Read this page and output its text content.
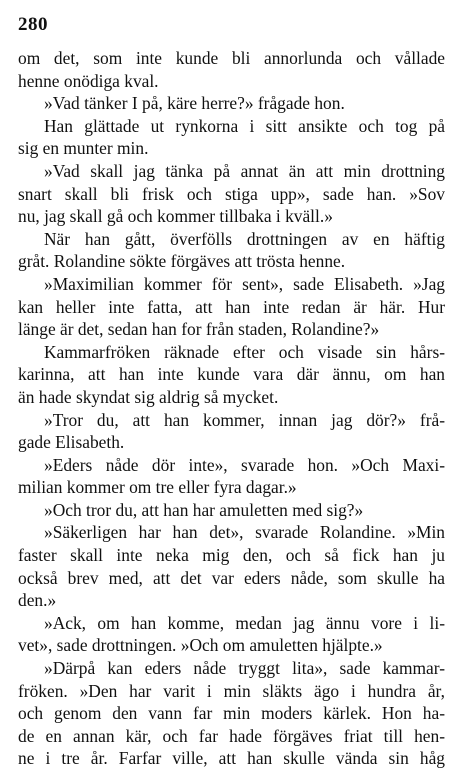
280
om det, som inte kunde bli annorlunda och vållade
henne onödiga kval.
»Vad tänker I på, käre herre?» frågade hon.
Han glättade ut rynkorna i sitt ansikte och tog på
sig en munter min.
»Vad skall jag tänka på annat än att min drottning
snart skall bli frisk och stiga upp», sade han. »Sov
nu, jag skall gå och kommer tillbaka i kväll.»
När han gått, överfölls drottningen av en häftig
gråt. Rolandine sökte förgäves att trösta henne.
»Maximilian kommer för sent», sade Elisabeth. »Jag
kan heller inte fatta, att han inte redan är här. Hur
länge är det, sedan han for från staden, Rolandine?»
Kammarfröken räknade efter och visade sin hårs-
karinna, att han inte kunde vara där ännu, om han
än hade skyndat sig aldrig så mycket.
»Tror du, att han kommer, innan jag dör?» frå-
gade Elisabeth.
»Eders nåde dör inte», svarade hon. »Och Maxi-
milian kommer om tre eller fyra dagar.»
»Och tror du, att han har amuletten med sig?»
»Säkerligen har han det», svarade Rolandine. »Min
faster skall inte neka mig den, och så fick han ju
också brev med, att det var eders nåde, som skulle ha
den.»
»Ack, om han komme, medan jag ännu vore i li-
vet», sade drottningen. »Och om amuletten hjälpte.»
»Därpå kan eders nåde tryggt lita», sade kammar-
fröken. »Den har varit i min släkts ägo i hundra år,
och genom den vann far min moders kärlek. Hon ha-
de en annan kär, och far hade förgäves friat till hen-
ne i tre år. Farfar ville, att han skulle vända sin håg
